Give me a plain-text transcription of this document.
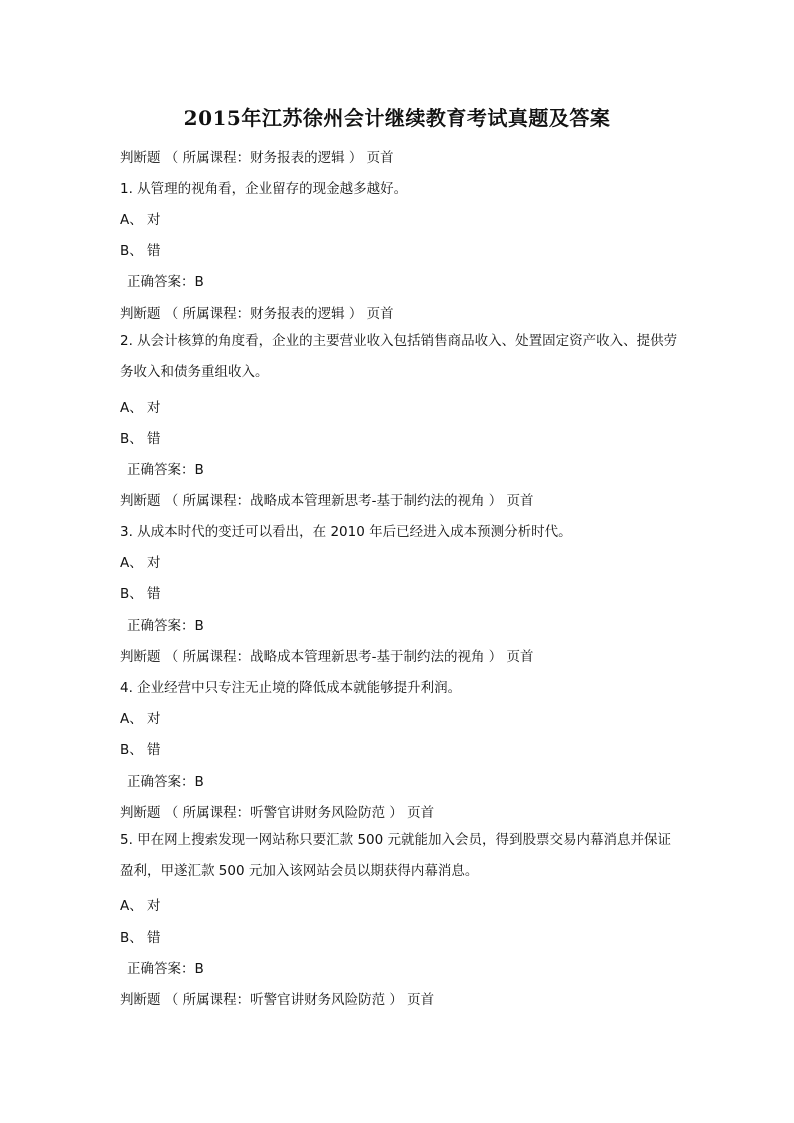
2015年江苏徐州会计继续教育考试真题及答案
判断题 （ 所属课程：财务报表的逻辑 ） 页首
1. 从管理的视角看，企业留存的现金越多越好。
A、 对
B、 错
正确答案：B
判断题 （ 所属课程：财务报表的逻辑 ） 页首
2. 从会计核算的角度看，企业的主要营业收入包括销售商品收入、处置固定资产收入、提供劳务收入和债务重组收入。
A、 对
B、 错
正确答案：B
判断题 （ 所属课程：战略成本管理新思考-基于制约法的视角 ） 页首
3. 从成本时代的变迁可以看出，在 2010 年后已经进入成本预测分析时代。
A、 对
B、 错
正确答案：B
判断题 （ 所属课程：战略成本管理新思考-基于制约法的视角 ） 页首
4. 企业经营中只专注无止境的降低成本就能够提升利润。
A、 对
B、 错
正确答案：B
判断题 （ 所属课程：听警官讲财务风险防范 ） 页首
5. 甲在网上搜索发现一网站称只要汇款 500 元就能加入会员，得到股票交易内幕消息并保证盈利，甲遂汇款 500 元加入该网站会员以期获得内幕消息。
A、 对
B、 错
正确答案：B
判断题 （ 所属课程：听警官讲财务风险防范 ） 页首
